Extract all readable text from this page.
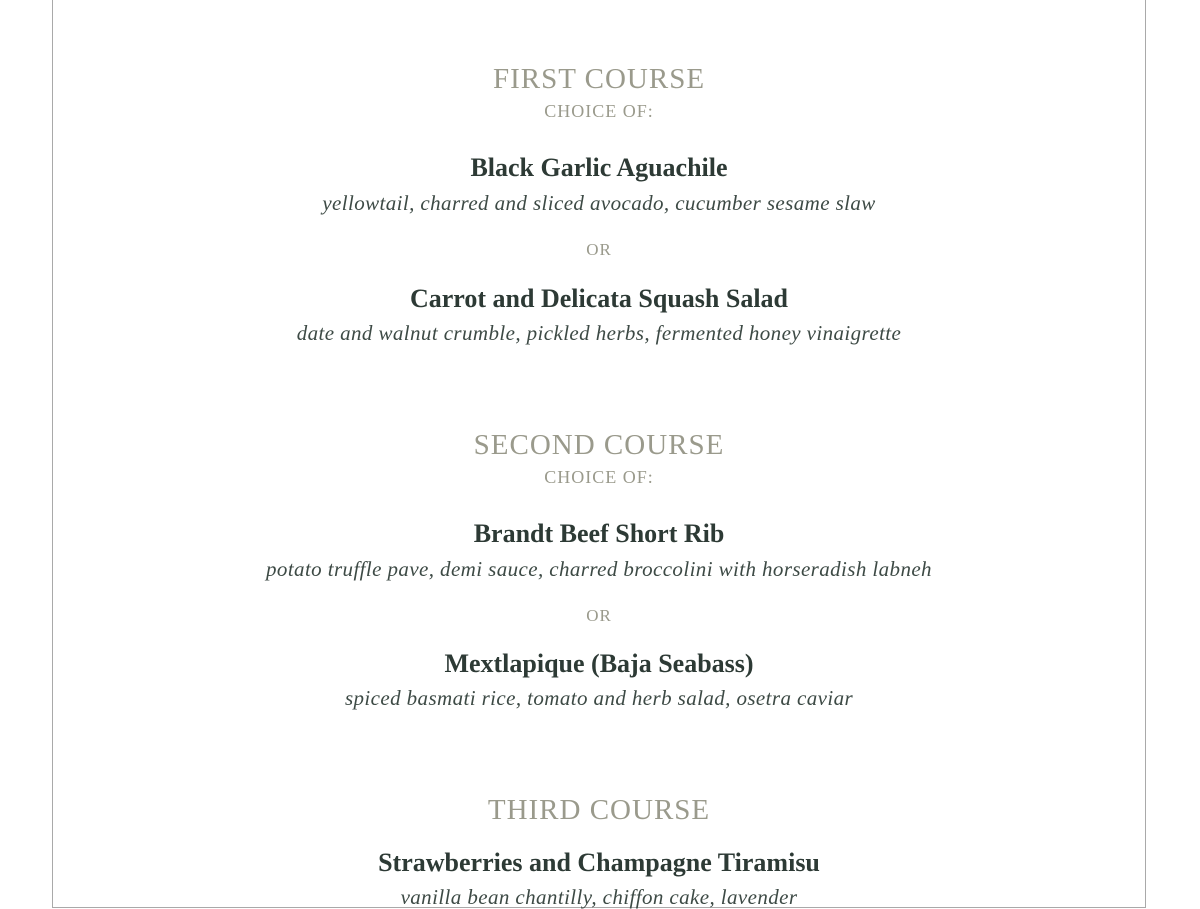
FIRST COURSE
CHOICE OF:
Black Garlic Aguachile
yellowtail, charred and sliced avocado, cucumber sesame slaw
OR
Carrot and Delicata Squash Salad
date and walnut crumble, pickled herbs, fermented honey vinaigrette
SECOND COURSE
CHOICE OF:
Brandt Beef Short Rib
potato truffle pave, demi sauce, charred broccolini with horseradish labneh
OR
Mextlapique (Baja Seabass)
spiced basmati rice, tomato and herb salad, osetra caviar
THIRD COURSE
Strawberries and Champagne Tiramisu
vanilla bean chantilly, chiffon cake, lavender
